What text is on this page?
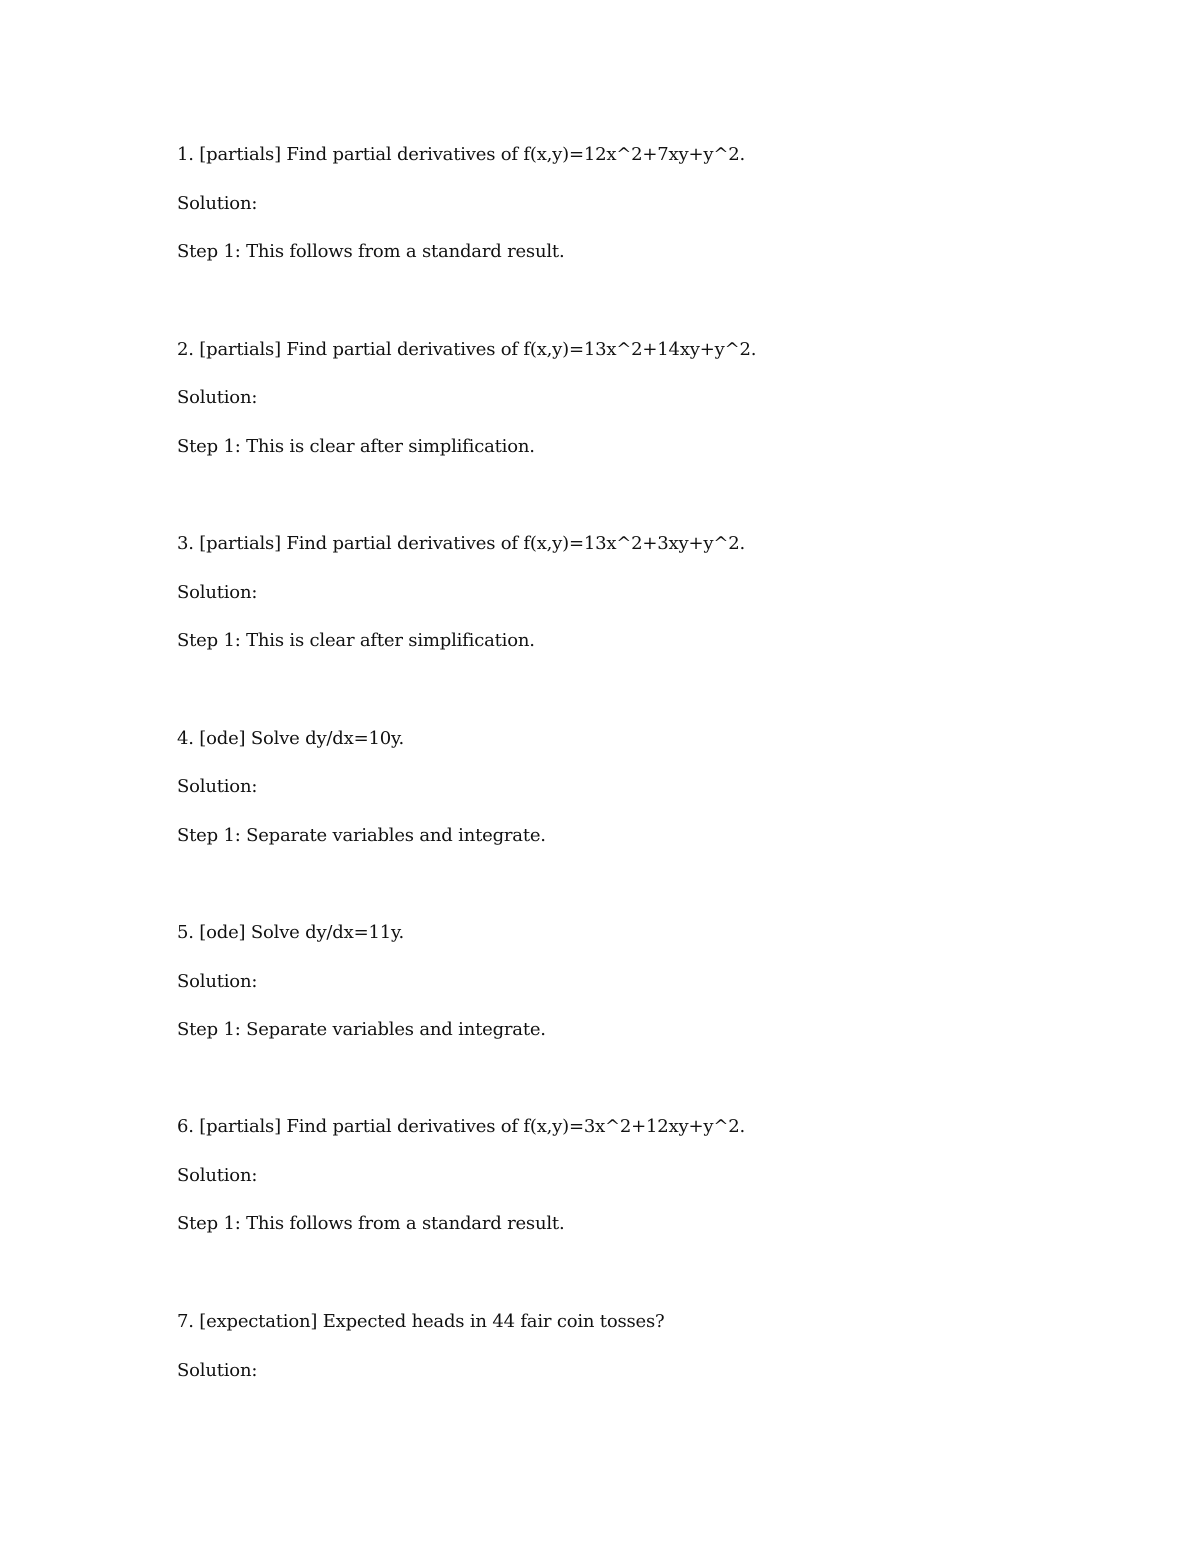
1. [partials] Find partial derivatives of f(x,y)=12x^2+7xy+y^2.
Solution:
Step 1: This follows from a standard result.
2. [partials] Find partial derivatives of f(x,y)=13x^2+14xy+y^2.
Solution:
Step 1: This is clear after simplification.
3. [partials] Find partial derivatives of f(x,y)=13x^2+3xy+y^2.
Solution:
Step 1: This is clear after simplification.
4. [ode] Solve dy/dx=10y.
Solution:
Step 1: Separate variables and integrate.
5. [ode] Solve dy/dx=11y.
Solution:
Step 1: Separate variables and integrate.
6. [partials] Find partial derivatives of f(x,y)=3x^2+12xy+y^2.
Solution:
Step 1: This follows from a standard result.
7. [expectation] Expected heads in 44 fair coin tosses?
Solution:
